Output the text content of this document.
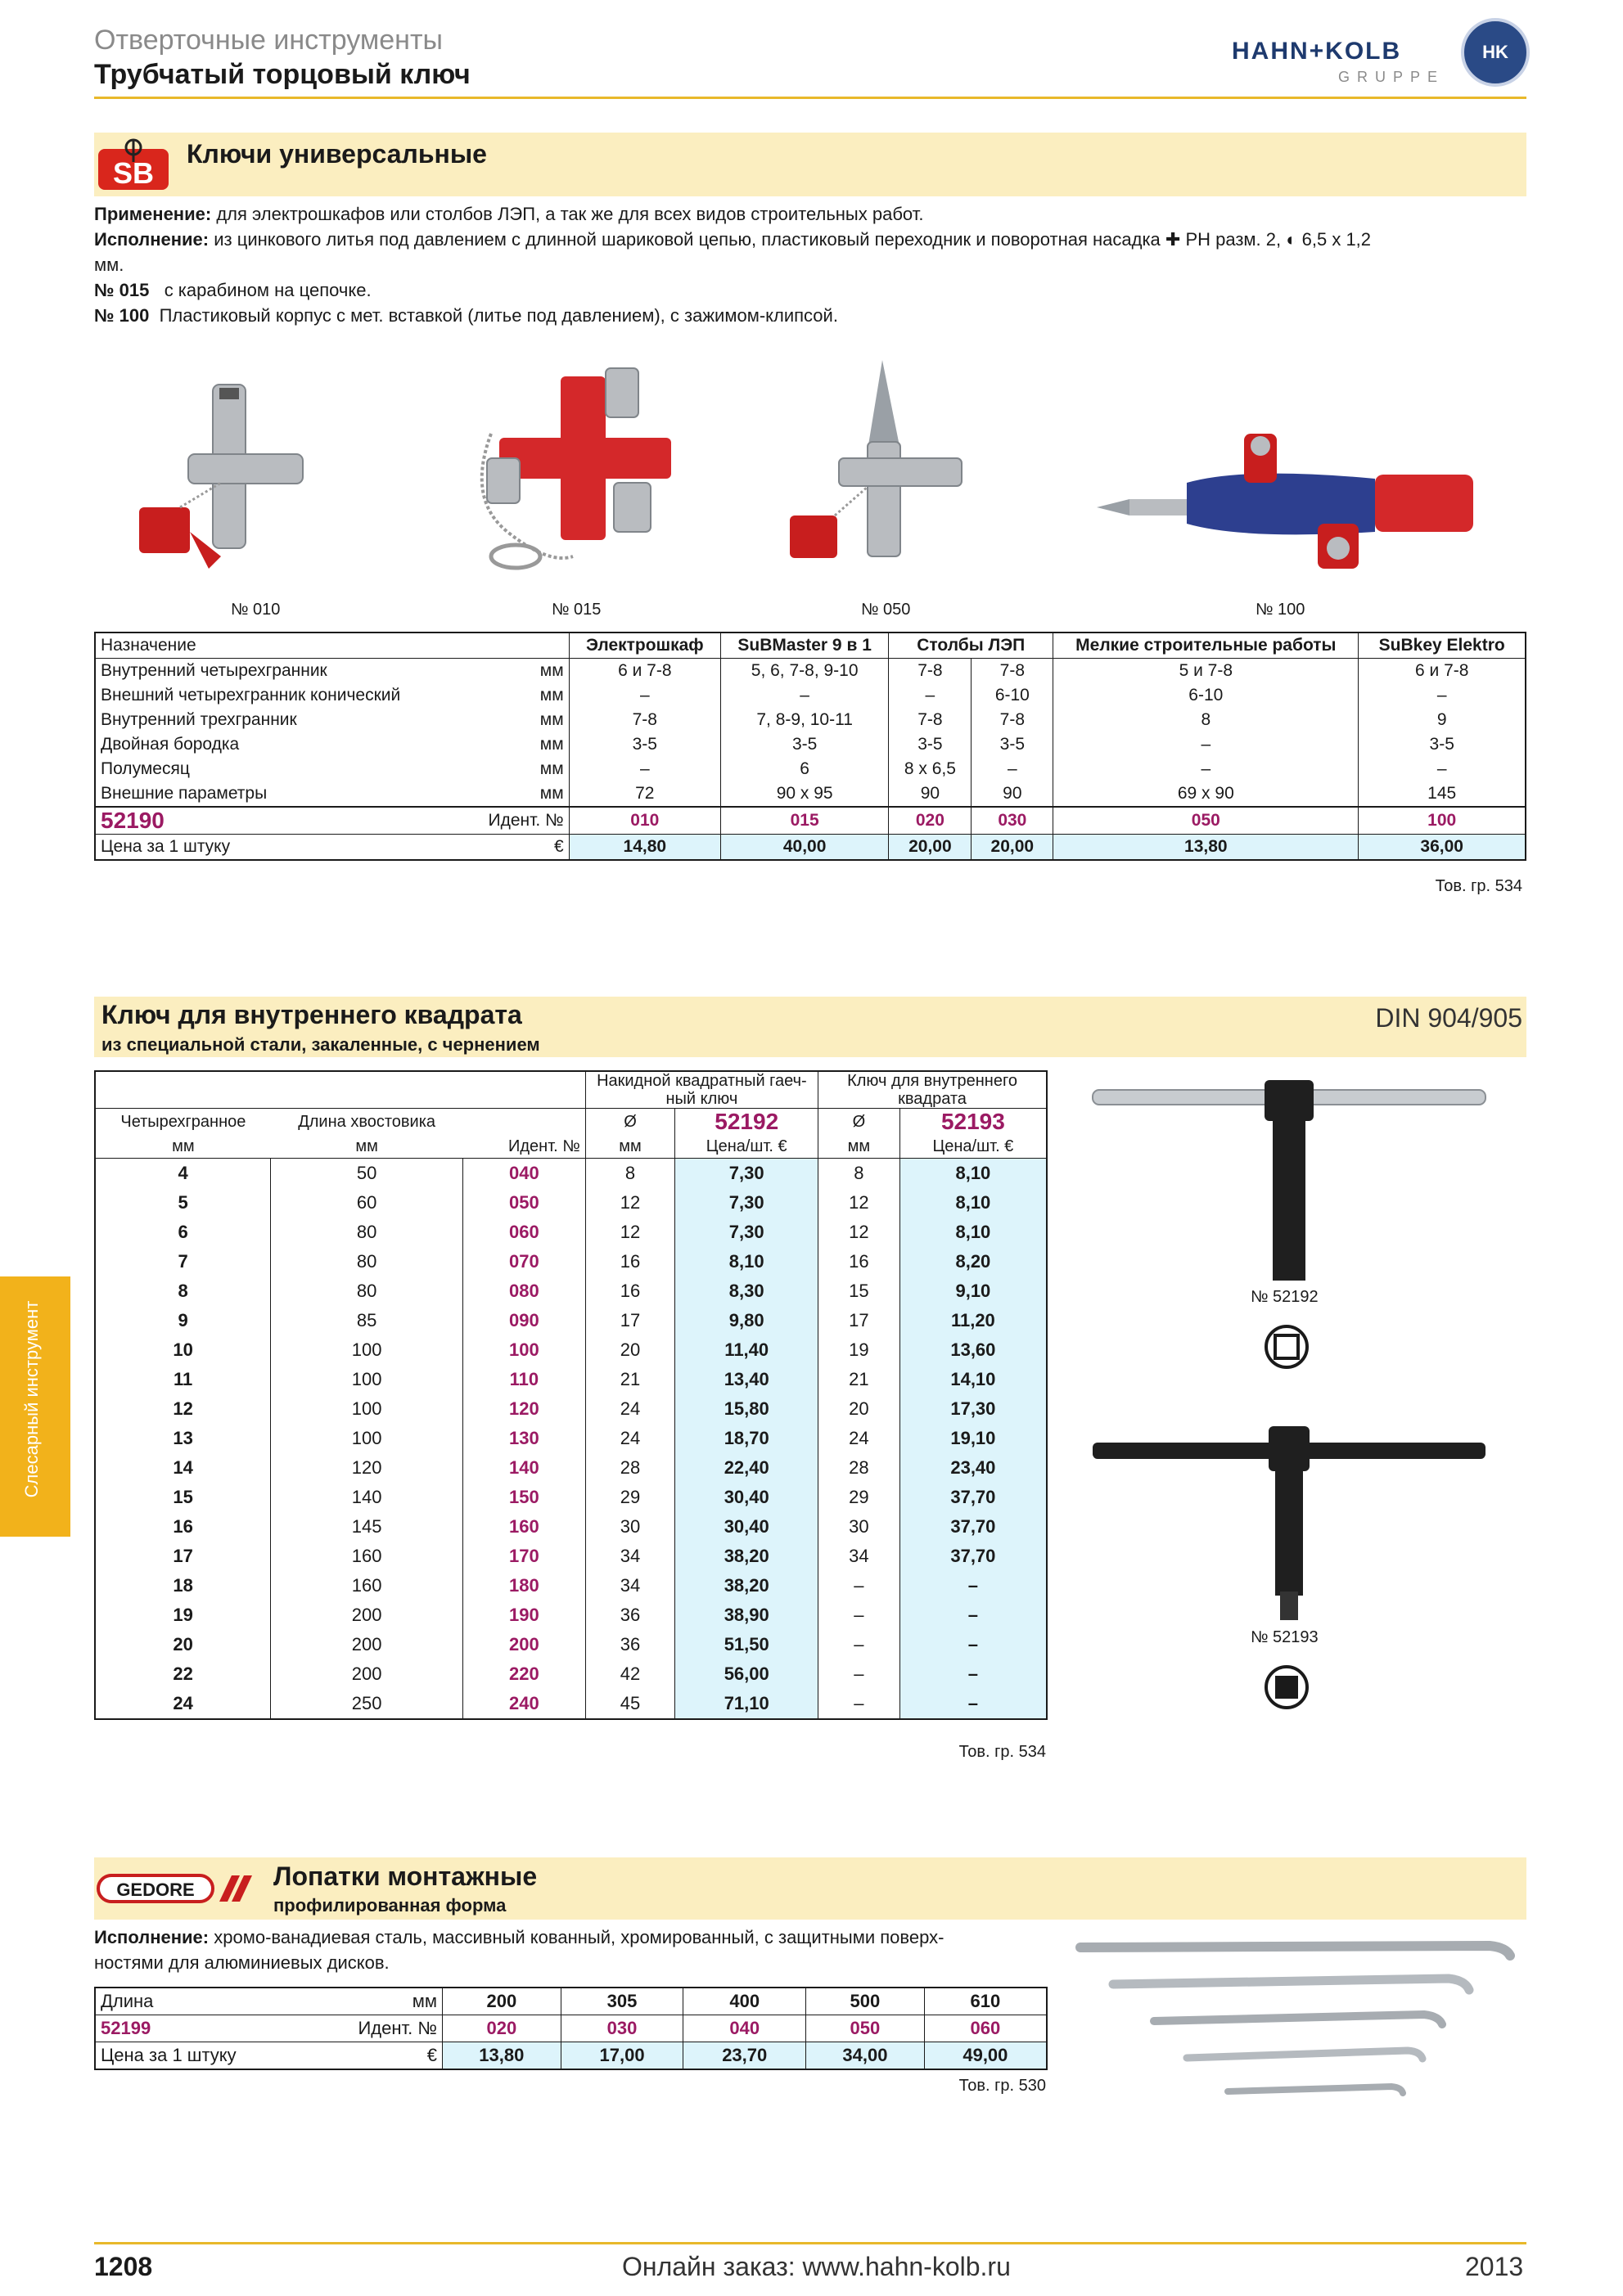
Отверточные инструменты
Трубчатый торцовый ключ
HAHN+KOLB
GRUPPE
HK
Слесарный инструмент
SB
Ключи универсальные
Применение: для электрошкафов или столбов ЛЭП, а так же для всех видов строительных работ.
Исполнение: из цинкового литья под давлением с длинной шариковой цепью, пластиковый переходник и поворотная насадка ✚ PH разм. 2, ◐ 6,5 х 1,2
мм.
№ 015 с карабином на цепочке.
№ 100 Пластиковый корпус с мет. вставкой (литье под давлением), с зажимом-клипсой.
№ 010	№ 015	№ 050	№ 100
Назначение		Электрошкаф	SuBMaster 9 в 1	Столбы ЛЭП		Мелкие строительные работы	SuBkey Elektro
Внутренний четырехгранник	мм	6 и 7-8	5, 6, 7-8, 9-10	7-8	7-8	5 и 7-8	6 и 7-8
Внешний четырехгранник конический	мм	–	–	–	6-10	6-10	–
Внутренний трехгранник	мм	7-8	7, 8-9, 10-11	7-8	7-8	8	9
Двойная бородка	мм	3-5	3-5	3-5	3-5	–	3-5
Полумесяц	мм	–	6	8 х 6,5	–	–	–
Внешние параметры	мм	72	90 х 95	90	90	69 х 90	145
52190	Идент. №	010	015	020	030	050	100
Цена за 1 штуку	€	14,80	40,00	20,00	20,00	13,80	36,00
Тов. гр. 534
Ключ для внутреннего квадрата
из специальной стали, закаленные, с чернением
DIN 904/905
			Накидной квадратный гаеч-ный ключ		Ключ для внутреннего квадрата	
Четырехгранное	Длина хвостовика		Ø	52192	Ø	52193
мм	мм	Идент. №	мм	Цена/шт. €	мм	Цена/шт. €
4	50	040	8	7,30	8	8,10
5	60	050	12	7,30	12	8,10
6	80	060	12	7,30	12	8,10
7	80	070	16	8,10	16	8,20
8	80	080	16	8,30	15	9,10
9	85	090	17	9,80	17	11,20
10	100	100	20	11,40	19	13,60
11	100	110	21	13,40	21	14,10
12	100	120	24	15,80	20	17,30
13	100	130	24	18,70	24	19,10
14	120	140	28	22,40	28	23,40
15	140	150	29	30,40	29	37,70
16	145	160	30	30,40	30	37,70
17	160	170	34	38,20	34	37,70
18	160	180	34	38,20	–	–
19	200	190	36	38,90	–	–
20	200	200	36	51,50	–	–
22	200	220	42	56,00	–	–
24	250	240	45	71,10	–	–
Тов. гр. 534
№ 52192
№ 52193
GEDORE	Лопатки монтажные
профилированная форма
Исполнение: хромо-ванадиевая сталь, массивный кованный, хромированный, с защитными поверх-
ностями для алюминиевых дисков.
Длина	мм	200	305	400	500	610
52199	Идент. №	020	030	040	050	060
Цена за 1 штуку	€	13,80	17,00	23,70	34,00	49,00
Тов. гр. 530
1208	Онлайн заказ: www.hahn-kolb.ru	2013
